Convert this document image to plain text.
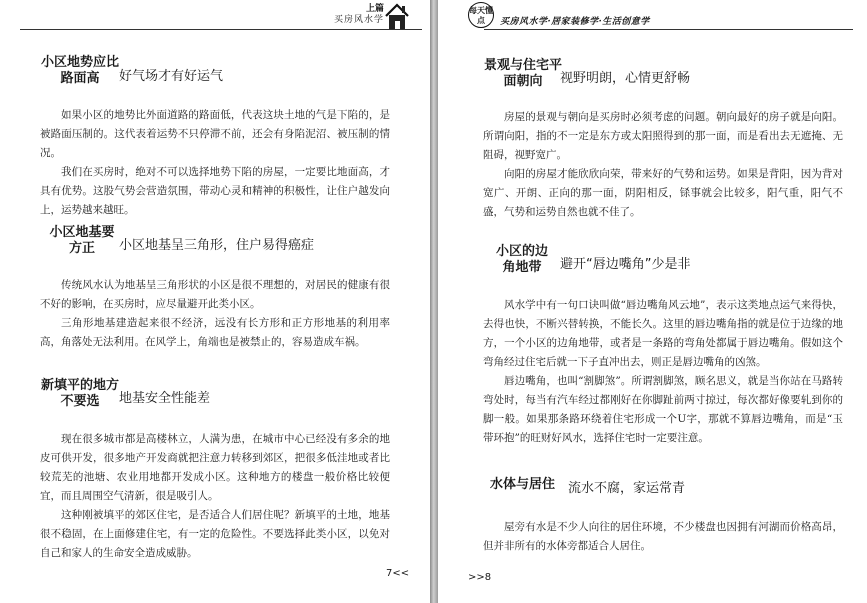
上篇
买房风水学
小区地势应比路面高	好气场才有好运气

如果小区的地势比外面道路的路面低，代表这块土地的气是下陷的，是被路面压制的。这代表着运势不只停滞不前，还会有身陷泥沼、被压制的情况。

我们在买房时，绝对不可以选择地势下陷的房屋，一定要比地面高，才具有优势。这股气势会营造氛围，带动心灵和精神的积极性，让住户越发向上，运势越来越旺。

小区地基要方正	小区地基呈三角形，住户易得癌症

传统风水认为地基呈三角形状的小区是很不理想的，对居民的健康有很不好的影响，在买房时，应尽量避开此类小区。

三角形地基建造起来很不经济，远没有长方形和正方形地基的利用率高，角落处无法利用。在风学上，角端也是被禁止的，容易造成车祸。

新填平的地方不要选	地基安全性能差

现在很多城市都是高楼林立，人满为患，在城市中心已经没有多余的地皮可供开发，很多地产开发商就把注意力转移到郊区，把很多低洼地或者比较荒芜的池塘、农业用地都开发成小区。这种地方的楼盘一般价格比较便宜，而且周围空气清新，很是吸引人。

这种刚被填平的郊区住宅，是否适合人们居住呢？新填平的土地，地基很不稳固，在上面修建住宅，有一定的危险性。不要选择此类小区，以免对自己和家人的生命安全造成威胁。

7<<
每天懂点	买房风水学·居家装修学·生活创意学
景观与住宅平面朝向	视野明朗，心情更舒畅

房屋的景观与朝向是买房时必须考虑的问题。朝向最好的房子就是向阳。所谓向阳，指的不一定是东方或太阳照得到的那一面，而是看出去无遮掩、无阻碍，视野宽广。

向阳的房屋才能欣欣向荣，带来好的气势和运势。如果是背阳，因为背对宽广、开朗、正向的那一面，阴阳相反，铩事就会比较多，阳气重，阳气不盛，气势和运势自然也就不佳了。

小区的边角地带	避开“唇边嘴角”少是非

风水学中有一句口诀叫做“唇边嘴角风云地”，表示这类地点运气来得快，去得也快，不断兴替转换，不能长久。这里的唇边嘴角指的就是位于边缘的地方，一个小区的边角地带，或者是一条路的弯角处都属于唇边嘴角。假如这个弯角经过住宅后就一下子直冲出去，则正是唇边嘴角的凶煞。

唇边嘴角，也叫“割脚煞”。所谓割脚煞，顾名思义，就是当你站在马路转弯处时，每当有汽车经过都刚好在你脚趾前两寸掠过，每次都好像要轧到你的脚一般。如果那条路环绕着住宅形成一个U字，那就不算唇边嘴角，而是“玉带环抱”的旺财好风水，选择住宅时一定要注意。

水体与居住 流水不腐，家运常青

屋旁有水是不少人向往的居住环境，不少楼盘也因拥有河湖而价格高昂，但并非所有的水体旁都适合人居住。

>>8
